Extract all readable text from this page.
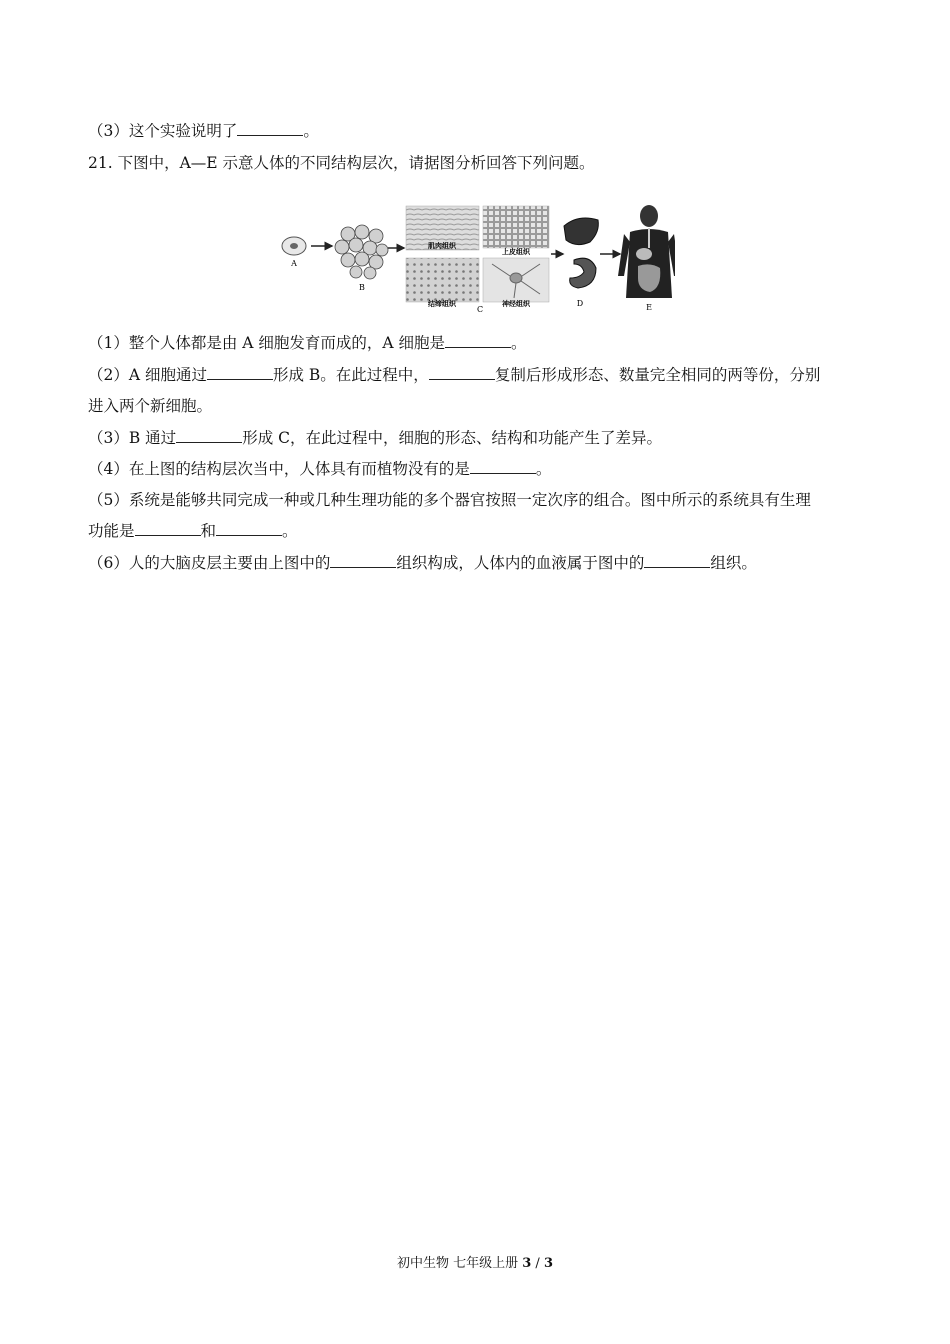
（3）这个实验说明了	。
21. 下图中，A—E 示意人体的不同结构层次，请据图分析回答下列问题。
A
B
肌肉组织
上皮组织
结缔组织	神经组织
C
D	E
（1）整个人体都是由 A 细胞发育而成的，A 细胞是	。
（2）A 细胞通过	形成 B。在此过程中，	复制后形成形态、数量完全相同的两等份，分别
进入两个新细胞。
（3）B 通过	形成 C，在此过程中，细胞的形态、结构和功能产生了差异。
（4）在上图的结构层次当中，人体具有而植物没有的是	。
（5）系统是能够共同完成一种或几种生理功能的多个器官按照一定次序的组合。图中所示的系统具有生理
功能是	和	。
（6）人的大脑皮层主要由上图中的	组织构成，人体内的血液属于图中的	组织。
初中生物 七年级上册 3 / 3
